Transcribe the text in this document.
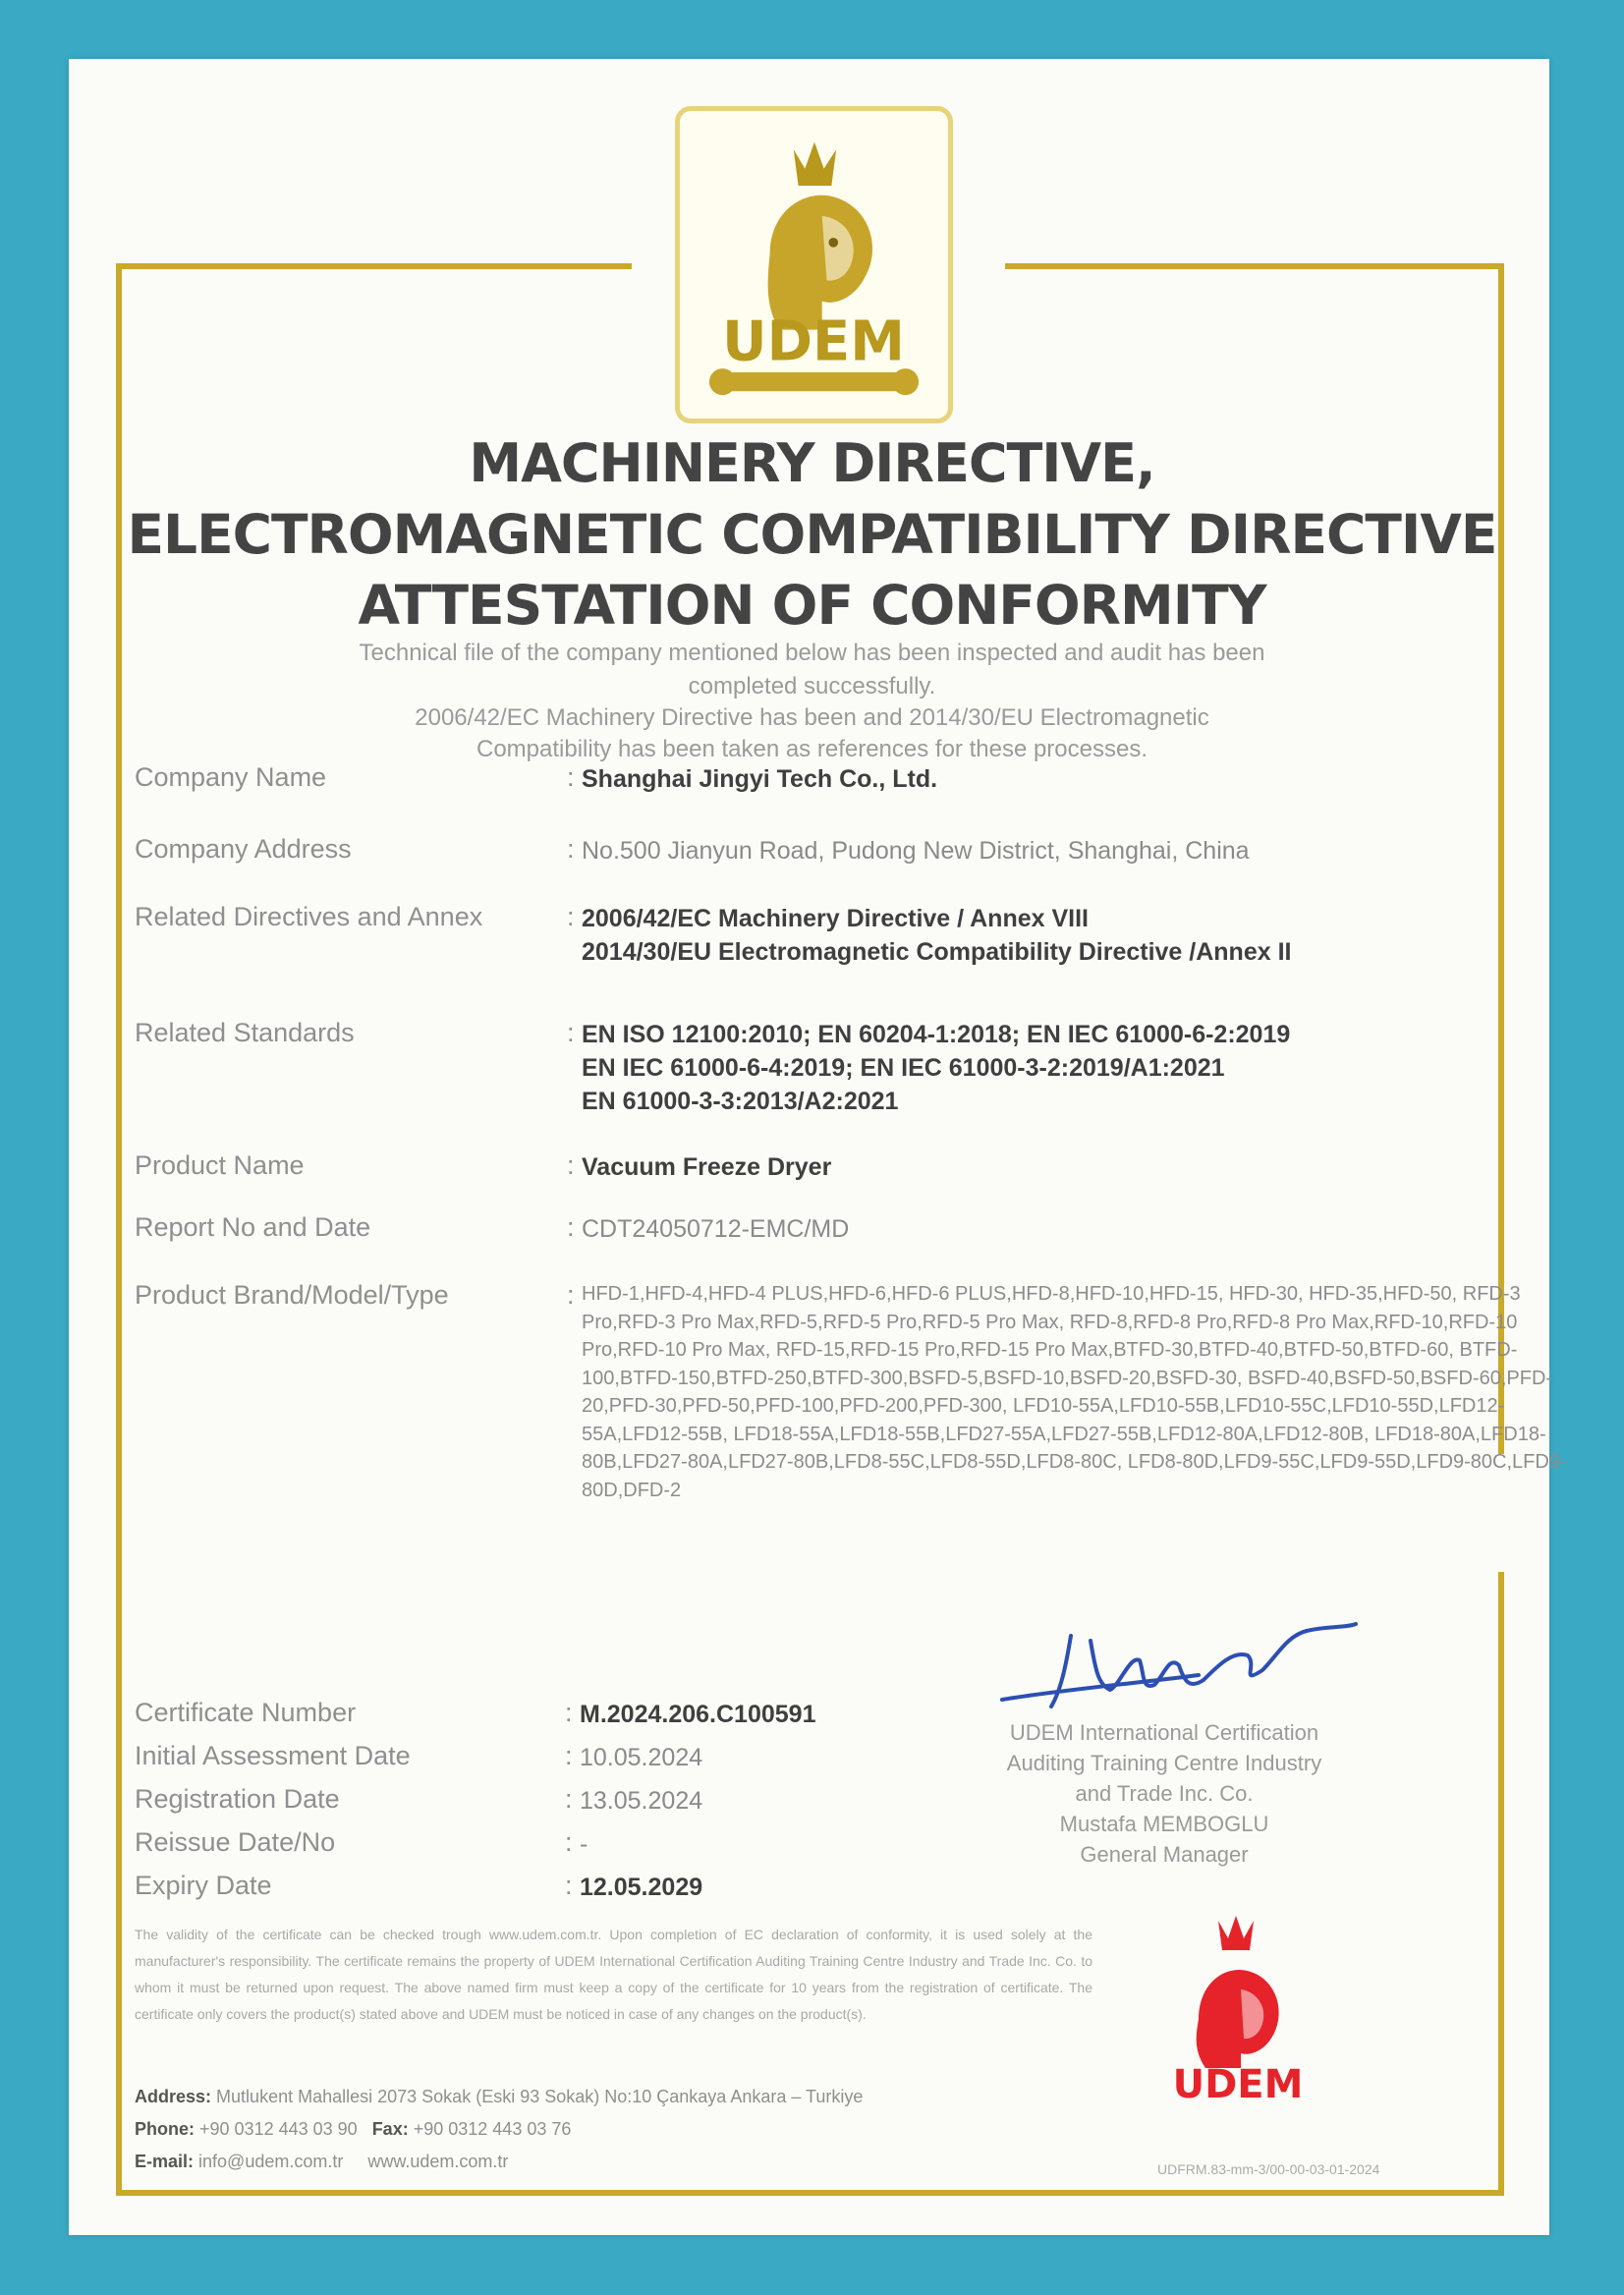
UDEM
MACHINERY DIRECTIVE,
ELECTROMAGNETIC COMPATIBILITY DIRECTIVE
ATTESTATION OF CONFORMITY
Technical file of the company mentioned below has been inspected and audit has been
completed successfully.
2006/42/EC Machinery Directive has been and 2014/30/EU Electromagnetic
Compatibility has been taken as references for these processes.
Company Name	: Shanghai Jingyi Tech Co., Ltd.
Company Address	: No.500 Jianyun Road, Pudong New District, Shanghai, China
Related Directives and Annex	: 2006/42/EC Machinery Directive / Annex VIII
2014/30/EU Electromagnetic Compatibility Directive /Annex II
Related Standards	: EN ISO 12100:2010; EN 60204-1:2018; EN IEC 61000-6-2:2019
EN IEC 61000-6-4:2019; EN IEC 61000-3-2:2019/A1:2021
EN 61000-3-3:2013/A2:2021
Product Name	: Vacuum Freeze Dryer
Report No and Date	: CDT24050712-EMC/MD
Product Brand/Model/Type	: HFD-1,HFD-4,HFD-4 PLUS,HFD-6,HFD-6 PLUS,HFD-8,HFD-10,HFD-15, HFD-30, HFD-35,HFD-50, RFD-3 Pro,RFD-3 Pro Max,RFD-5,RFD-5 Pro,RFD-5 Pro Max, RFD-8,RFD-8 Pro,RFD-8 Pro Max,RFD-10,RFD-10 Pro,RFD-10 Pro Max, RFD-15,RFD-15 Pro,RFD-15 Pro Max,BTFD-30,BTFD-40,BTFD-50,BTFD-60, BTFD-100,BTFD-150,BTFD-250,BTFD-300,BSFD-5,BSFD-10,BSFD-20,BSFD-30, BSFD-40,BSFD-50,BSFD-60,PFD-20,PFD-30,PFD-50,PFD-100,PFD-200,PFD-300, LFD10-55A,LFD10-55B,LFD10-55C,LFD10-55D,LFD12-55A,LFD12-55B, LFD18-55A,LFD18-55B,LFD27-55A,LFD27-55B,LFD12-80A,LFD12-80B, LFD18-80A,LFD18-80B,LFD27-80A,LFD27-80B,LFD8-55C,LFD8-55D,LFD8-80C, LFD8-80D,LFD9-55C,LFD9-55D,LFD9-80C,LFD9-80D,DFD-2
Certificate Number	: M.2024.206.C100591
Initial Assessment Date	: 10.05.2024
Registration Date	: 13.05.2024
Reissue Date/No	: -
Expiry Date	: 12.05.2029
UDEM International Certification
Auditing Training Centre Industry
and Trade Inc. Co.
Mustafa MEMBOGLU
General Manager
The validity of the certificate can be checked trough www.udem.com.tr. Upon completion of EC declaration of conformity, it is used solely at the manufacturer's responsibility. The certificate remains the property of UDEM International Certification Auditing Training Centre Industry and Trade Inc. Co. to whom it must be returned upon request. The above named firm must keep a copy of the certificate for 10 years from the registration of certificate. The certificate only covers the product(s) stated above and UDEM must be noticed in case of any changes on the product(s).
Address: Mutlukent Mahallesi 2073 Sokak (Eski 93 Sokak) No:10 Çankaya Ankara – Turkiye
Phone: +90 0312 443 03 90 Fax: +90 0312 443 03 76
E-mail: info@udem.com.tr www.udem.com.tr
UDEM
UDFRM.83-mm-3/00-00-03-01-2024
